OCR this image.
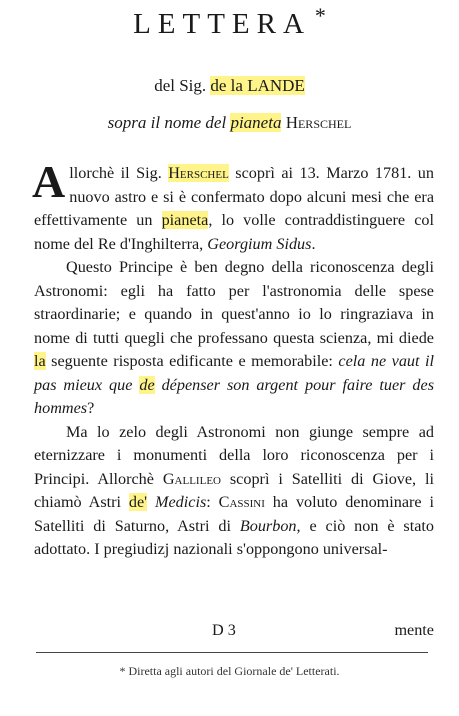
LETTERA *
del Sig. de la LANDE
sopra il nome del pianeta Herschel

Allorchè il Sig. Herschel scoprì ai 13. Marzo 1781. un nuovo astro e si è confermato dopo alcuni mesi che era effettivamente un pianeta, lo volle contraddistinguere col nome del Re d'Inghilterra, Georgium Sidus.

Questo Principe è ben degno della riconoscenza degli Astronomi: egli ha fatto per l'astronomia delle spese straordinarie; e quando in quest'anno io lo ringraziava in nome di tutti quegli che professano questa scienza, mi diede la seguente risposta edificante e memorabile: cela ne vaut il pas mieux que de dépenser son argent pour faire tuer des hommes?

Ma lo zelo degli Astronomi non giunge sempre ad eternizzare i monumenti della loro riconoscenza per i Principi. Allorchè Gallileo scoprì i Satelliti di Giove, li chiamò Astri de' Medicis: Cassini ha voluto denominare i Satelliti di Saturno, Astri di Bourbon, e ciò non è stato adottato. I pregiudizj nazionali s'oppongono universal-

D 3	mente
* Diretta agli autori del Giornale de' Letterati.
